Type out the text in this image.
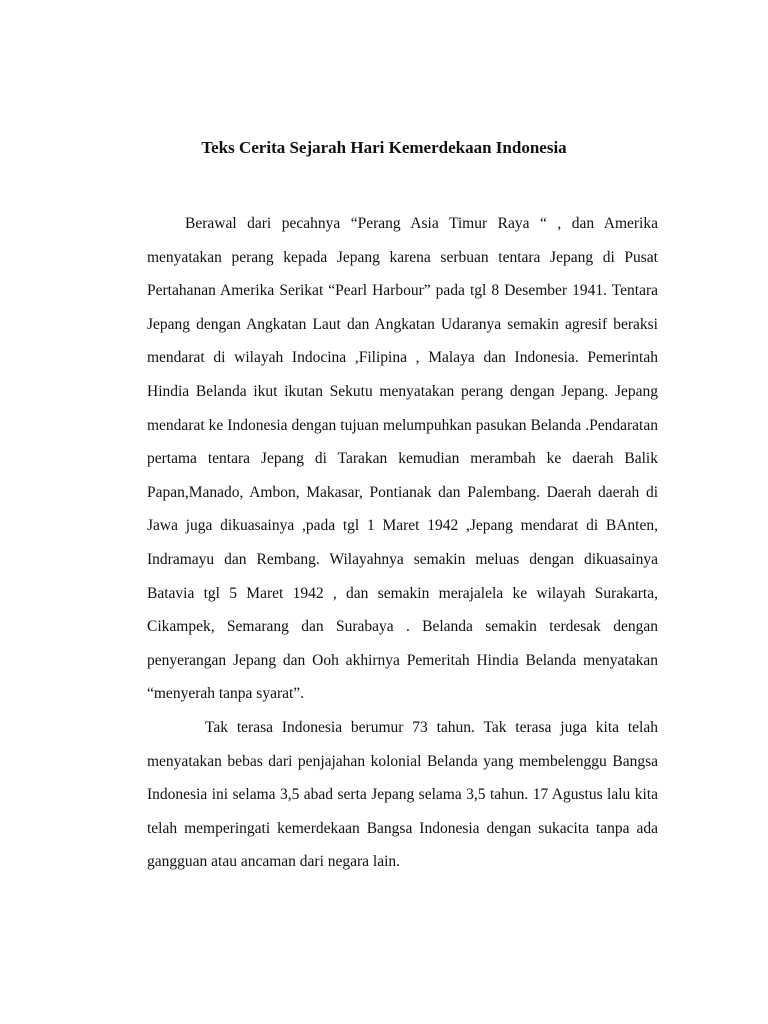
Teks Cerita Sejarah Hari Kemerdekaan Indonesia

Berawal dari pecahnya “Perang Asia Timur Raya “ , dan Amerika menyatakan perang kepada Jepang karena serbuan tentara Jepang di Pusat Pertahanan Amerika Serikat “Pearl Harbour” pada tgl 8 Desember 1941. Tentara Jepang dengan Angkatan Laut dan Angkatan Udaranya semakin agresif beraksi mendarat di wilayah Indocina ,Filipina , Malaya dan Indonesia. Pemerintah Hindia Belanda ikut ikutan Sekutu menyatakan perang dengan Jepang. Jepang mendarat ke Indonesia dengan tujuan melumpuhkan pasukan Belanda .Pendaratan pertama tentara Jepang di Tarakan kemudian merambah ke daerah Balik Papan,Manado, Ambon, Makasar, Pontianak dan Palembang. Daerah daerah di Jawa juga dikuasainya ,pada tgl 1 Maret 1942 ,Jepang mendarat di BAnten, Indramayu dan Rembang. Wilayahnya semakin meluas dengan dikuasainya Batavia tgl 5 Maret 1942 , dan semakin merajalela ke wilayah Surakarta, Cikampek, Semarang dan Surabaya . Belanda semakin terdesak dengan penyerangan Jepang dan Ooh akhirnya Pemeritah Hindia Belanda menyatakan “menyerah tanpa syarat”.

Tak terasa Indonesia berumur 73 tahun. Tak terasa juga kita telah menyatakan bebas dari penjajahan kolonial Belanda yang membelenggu Bangsa Indonesia ini selama 3,5 abad serta Jepang selama 3,5 tahun. 17 Agustus lalu kita telah memperingati kemerdekaan Bangsa Indonesia dengan sukacita tanpa ada gangguan atau ancaman dari negara lain.
